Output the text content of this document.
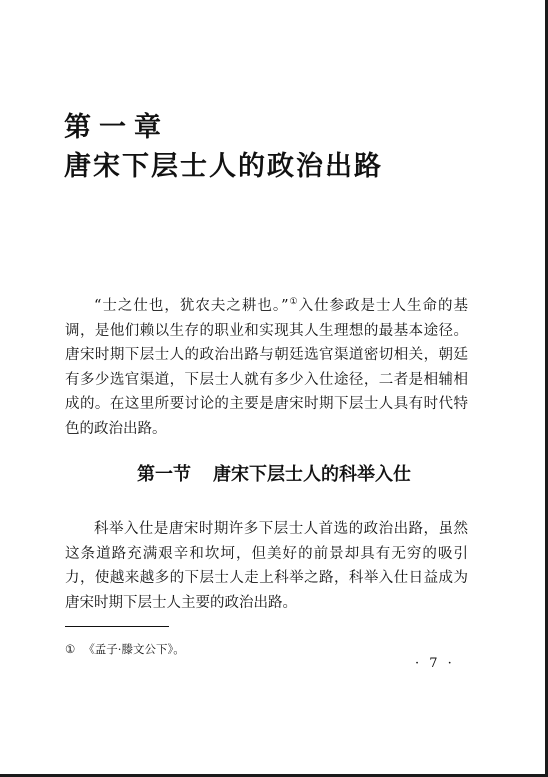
第一章
唐宋下层士人的政治出路

“士之仕也，犹农夫之耕也。”①入仕参政是士人生命的基调，是他们赖以生存的职业和实现其人生理想的最基本途径。唐宋时期下层士人的政治出路与朝廷选官渠道密切相关，朝廷有多少选官渠道，下层士人就有多少入仕途径，二者是相辅相成的。在这里所要讨论的主要是唐宋时期下层士人具有时代特色的政治出路。

第一节 唐宋下层士人的科举入仕

科举入仕是唐宋时期许多下层士人首选的政治出路，虽然这条道路充满艰辛和坎坷，但美好的前景却具有无穷的吸引力，使越来越多的下层士人走上科举之路，科举入仕日益成为唐宋时期下层士人主要的政治出路。

① 《孟子·滕文公下》。

· 7 ·
